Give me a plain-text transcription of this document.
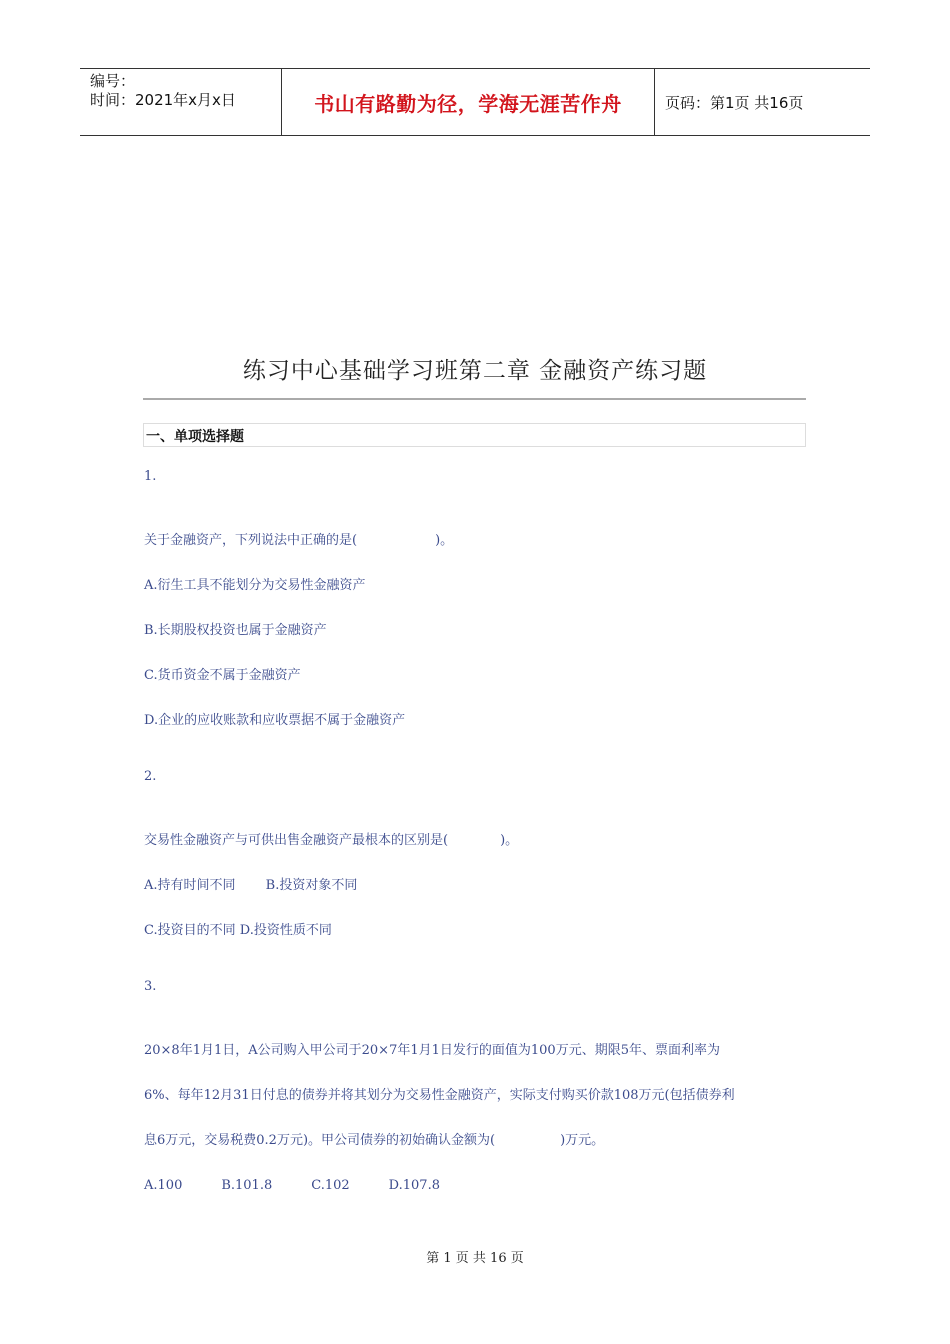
编号：
时间：2021年x月x日	书山有路勤为径，学海无涯苦作舟	页码：第1页 共16页
练习中心基础学习班第二章 金融资产练习题
一、单项选择题
1.
关于金融资产，下列说法中正确的是(　　　　　　)。
A.衍生工具不能划分为交易性金融资产
B.长期股权投资也属于金融资产
C.货币资金不属于金融资产
D.企业的应收账款和应收票据不属于金融资产
2.
交易性金融资产与可供出售金融资产最根本的区别是(　　　　)。
A.持有时间不同　　 B.投资对象不同
C.投资目的不同 D.投资性质不同
3.
20×8年1月1日，A公司购入甲公司于20×7年1月1日发行的面值为100万元、期限5年、票面利率为
6%、每年12月31日付息的债券并将其划分为交易性金融资产，实际支付购买价款108万元(包括债券利
息6万元，交易税费0.2万元)。甲公司债券的初始确认金额为(　　　　　)万元。
A.100　　　B.101.8　　　C.102　　　D.107.8
第 1 页 共 16 页
